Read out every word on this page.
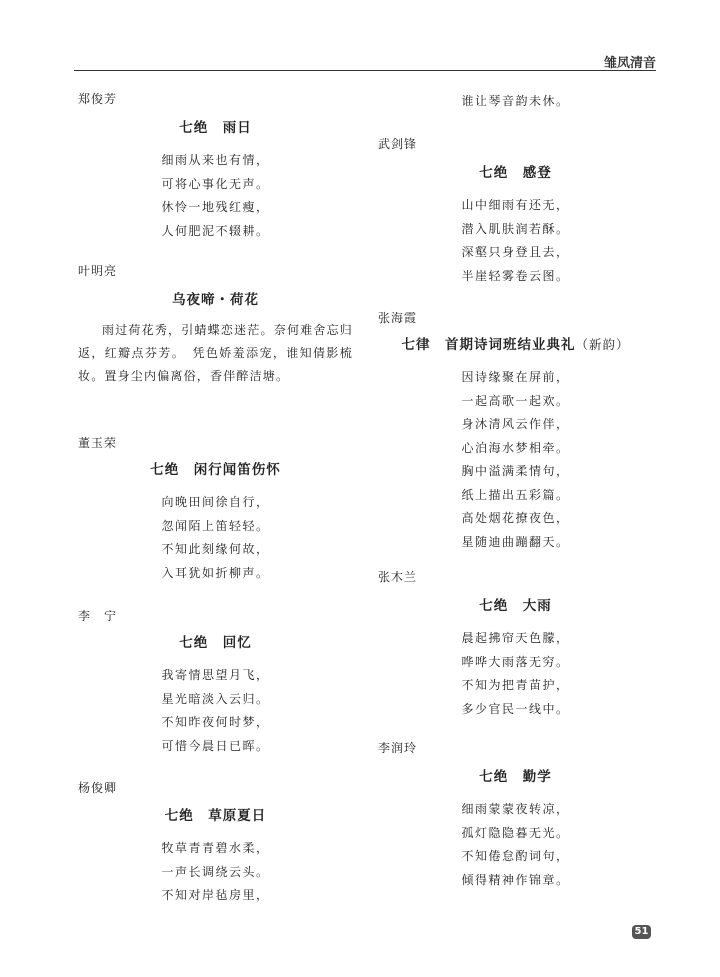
雏凤清音
郑俊芳
七绝　雨日
细雨从来也有情，
可将心事化无声。
休怜一地残红瘦，
人何肥泥不辍耕。
叶明亮
乌夜啼・荷花
雨过荷花秀，引蜻蝶恋迷茫。奈何难舍忘归返，红瓣点芬芳。　凭色娇羞添宠，谁知倩影梳妆。置身尘内偏离俗，香伴醉洁塘。
董玉荣
七绝　闲行闻笛伤怀
向晚田间徐自行，
忽闻陌上笛轻轻。
不知此刻缘何故，
入耳犹如折柳声。
李　宁
七绝　回忆
我寄情思望月飞，
星光暗淡入云归。
不知昨夜何时梦，
可惜今晨日已晖。
杨俊卿
七绝　草原夏日
牧草青青碧水柔，
一声长调绕云头。
不知对岸毡房里，
谁让琴音韵未休。
武剑锋
七绝　感登
山中细雨有还无，
潜入肌肤润若酥。
深壑只身登且去，
半崖轻雾卷云图。
张海霞
七律　首期诗词班结业典礼（新韵）
因诗缘聚在屏前，
一起高歌一起欢。
身沐清风云作伴，
心泊海水梦相牵。
胸中溢满柔情句，
纸上描出五彩篇。
高处烟花撩夜色，
星随迪曲蹦翻天。
张木兰
七绝　大雨
晨起拂帘天色朦，
哗哗大雨落无穷。
不知为把青苗护，
多少官民一线中。
李润玲
七绝　勤学
细雨蒙蒙夜转凉，
孤灯隐隐暮无光。
不知倦怠酌词句，
倾得精神作锦章。
51
